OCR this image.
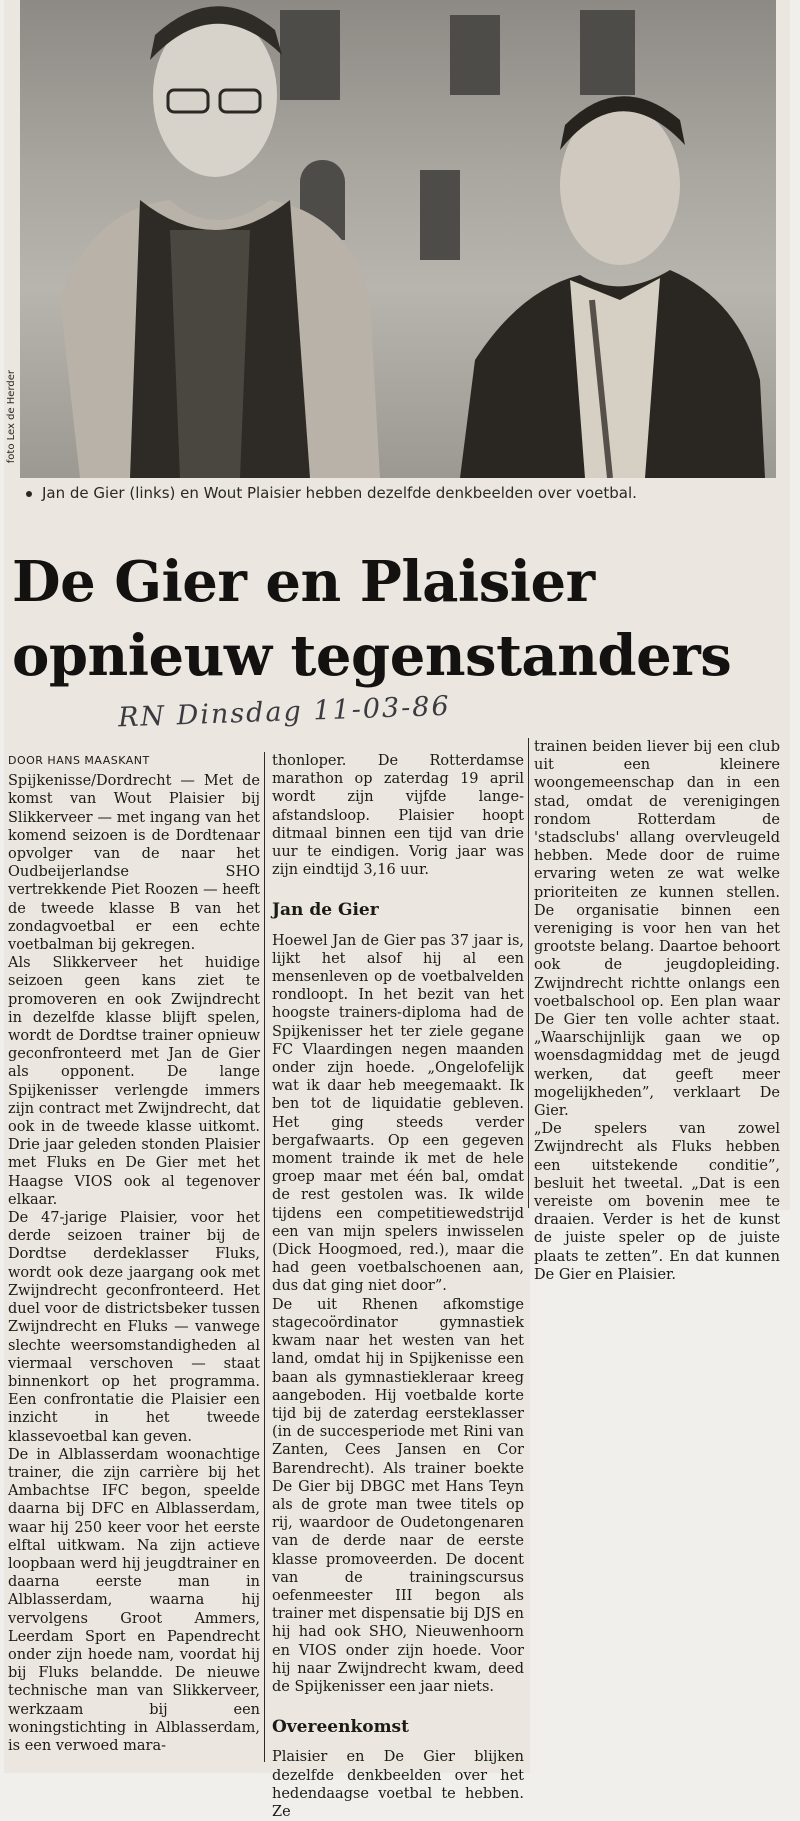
foto Lex de Herder
Jan de Gier (links) en Wout Plaisier hebben dezelfde denkbeelden over voetbal.
De Gier en Plaisier
opnieuw tegenstanders
RN Dinsdag 11-03-86

DOOR HANS MAASKANT

Spijkenisse/Dordrecht — Met de komst van Wout Plaisier bij Slikkerveer — met ingang van het komend seizoen is de Dordtenaar opvolger van de naar het Oudbeijerlandse SHO vertrekkende Piet Roozen — heeft de tweede klasse B van het zondagvoetbal er een echte voetbalman bij gekregen.

Als Slikkerveer het huidige seizoen geen kans ziet te promoveren en ook Zwijndrecht in dezelfde klasse blijft spelen, wordt de Dordtse trainer opnieuw geconfronteerd met Jan de Gier als opponent. De lange Spijkenisser verlengde immers zijn contract met Zwijndrecht, dat ook in de tweede klasse uitkomt. Drie jaar geleden stonden Plaisier met Fluks en De Gier met het Haagse VIOS ook al tegenover elkaar.

De 47-jarige Plaisier, voor het derde seizoen trainer bij de Dordtse derdeklasser Fluks, wordt ook deze jaargang ook met Zwijndrecht geconfronteerd. Het duel voor de districtsbeker tussen Zwijndrecht en Fluks — vanwege slechte weersomstandigheden al viermaal verschoven — staat binnenkort op het programma. Een confrontatie die Plaisier een inzicht in het tweede klassevoetbal kan geven.

De in Alblasserdam woonachtige trainer, die zijn carrière bij het Ambachtse IFC begon, speelde daarna bij DFC en Alblasserdam, waar hij 250 keer voor het eerste elftal uitkwam. Na zijn actieve loopbaan werd hij jeugdtrainer en daarna eerste man in Alblasserdam, waarna hij vervolgens Groot Ammers, Leerdam Sport en Papendrecht onder zijn hoede nam, voordat hij bij Fluks belandde. De nieuwe technische man van Slikkerveer, werkzaam bij een woningstichting in Alblasserdam, is een verwoed mara-

thonloper. De Rotterdamse marathon op zaterdag 19 april wordt zijn vijfde lange-afstandsloop. Plaisier hoopt ditmaal binnen een tijd van drie uur te eindigen. Vorig jaar was zijn eindtijd 3,16 uur.

Jan de Gier

Hoewel Jan de Gier pas 37 jaar is, lijkt het alsof hij al een mensenleven op de voetbalvelden rondloopt. In het bezit van het hoogste trainers-diploma had de Spijkenisser het ter ziele gegane FC Vlaardingen negen maanden onder zijn hoede. „Ongelofelijk wat ik daar heb meegemaakt. Ik ben tot de liquidatie gebleven. Het ging steeds verder bergafwaarts. Op een gegeven moment trainde ik met de hele groep maar met één bal, omdat de rest gestolen was. Ik wilde tijdens een competitiewedstrijd een van mijn spelers inwisselen (Dick Hoogmoed, red.), maar die had geen voetbalschoenen aan, dus dat ging niet door”.

De uit Rhenen afkomstige stagecoördinator gymnastiek kwam naar het westen van het land, omdat hij in Spijkenisse een baan als gymnastiekleraar kreeg aangeboden. Hij voetbalde korte tijd bij de zaterdag eersteklasser (in de succesperiode met Rini van Zanten, Cees Jansen en Cor Barendrecht). Als trainer boekte De Gier bij DBGC met Hans Teyn als de grote man twee titels op rij, waardoor de Oudetongenaren van de derde naar de eerste klasse promoveerden. De docent van de trainingscursus oefenmeester III begon als trainer met dispensatie bij DJS en hij had ook SHO, Nieuwenhoorn en VIOS onder zijn hoede. Voor hij naar Zwijndrecht kwam, deed de Spijkenisser een jaar niets.

Overeenkomst

Plaisier en De Gier blijken dezelfde denkbeelden over het hedendaagse voetbal te hebben. Ze

trainen beiden liever bij een club uit een kleinere woongemeenschap dan in een stad, omdat de verenigingen rondom Rotterdam de 'stadsclubs' allang overvleugeld hebben. Mede door de ruime ervaring weten ze wat welke prioriteiten ze kunnen stellen. De organisatie binnen een vereniging is voor hen van het grootste belang. Daartoe behoort ook de jeugdopleiding. Zwijndrecht richtte onlangs een voetbalschool op. Een plan waar De Gier ten volle achter staat. „Waarschijnlijk gaan we op woensdagmiddag met de jeugd werken, dat geeft meer mogelijkheden”, verklaart De Gier.

„De spelers van zowel Zwijndrecht als Fluks hebben een uitstekende conditie”, besluit het tweetal. „Dat is een vereiste om bovenin mee te draaien. Verder is het de kunst de juiste speler op de juiste plaats te zetten”. En dat kunnen De Gier en Plaisier.
